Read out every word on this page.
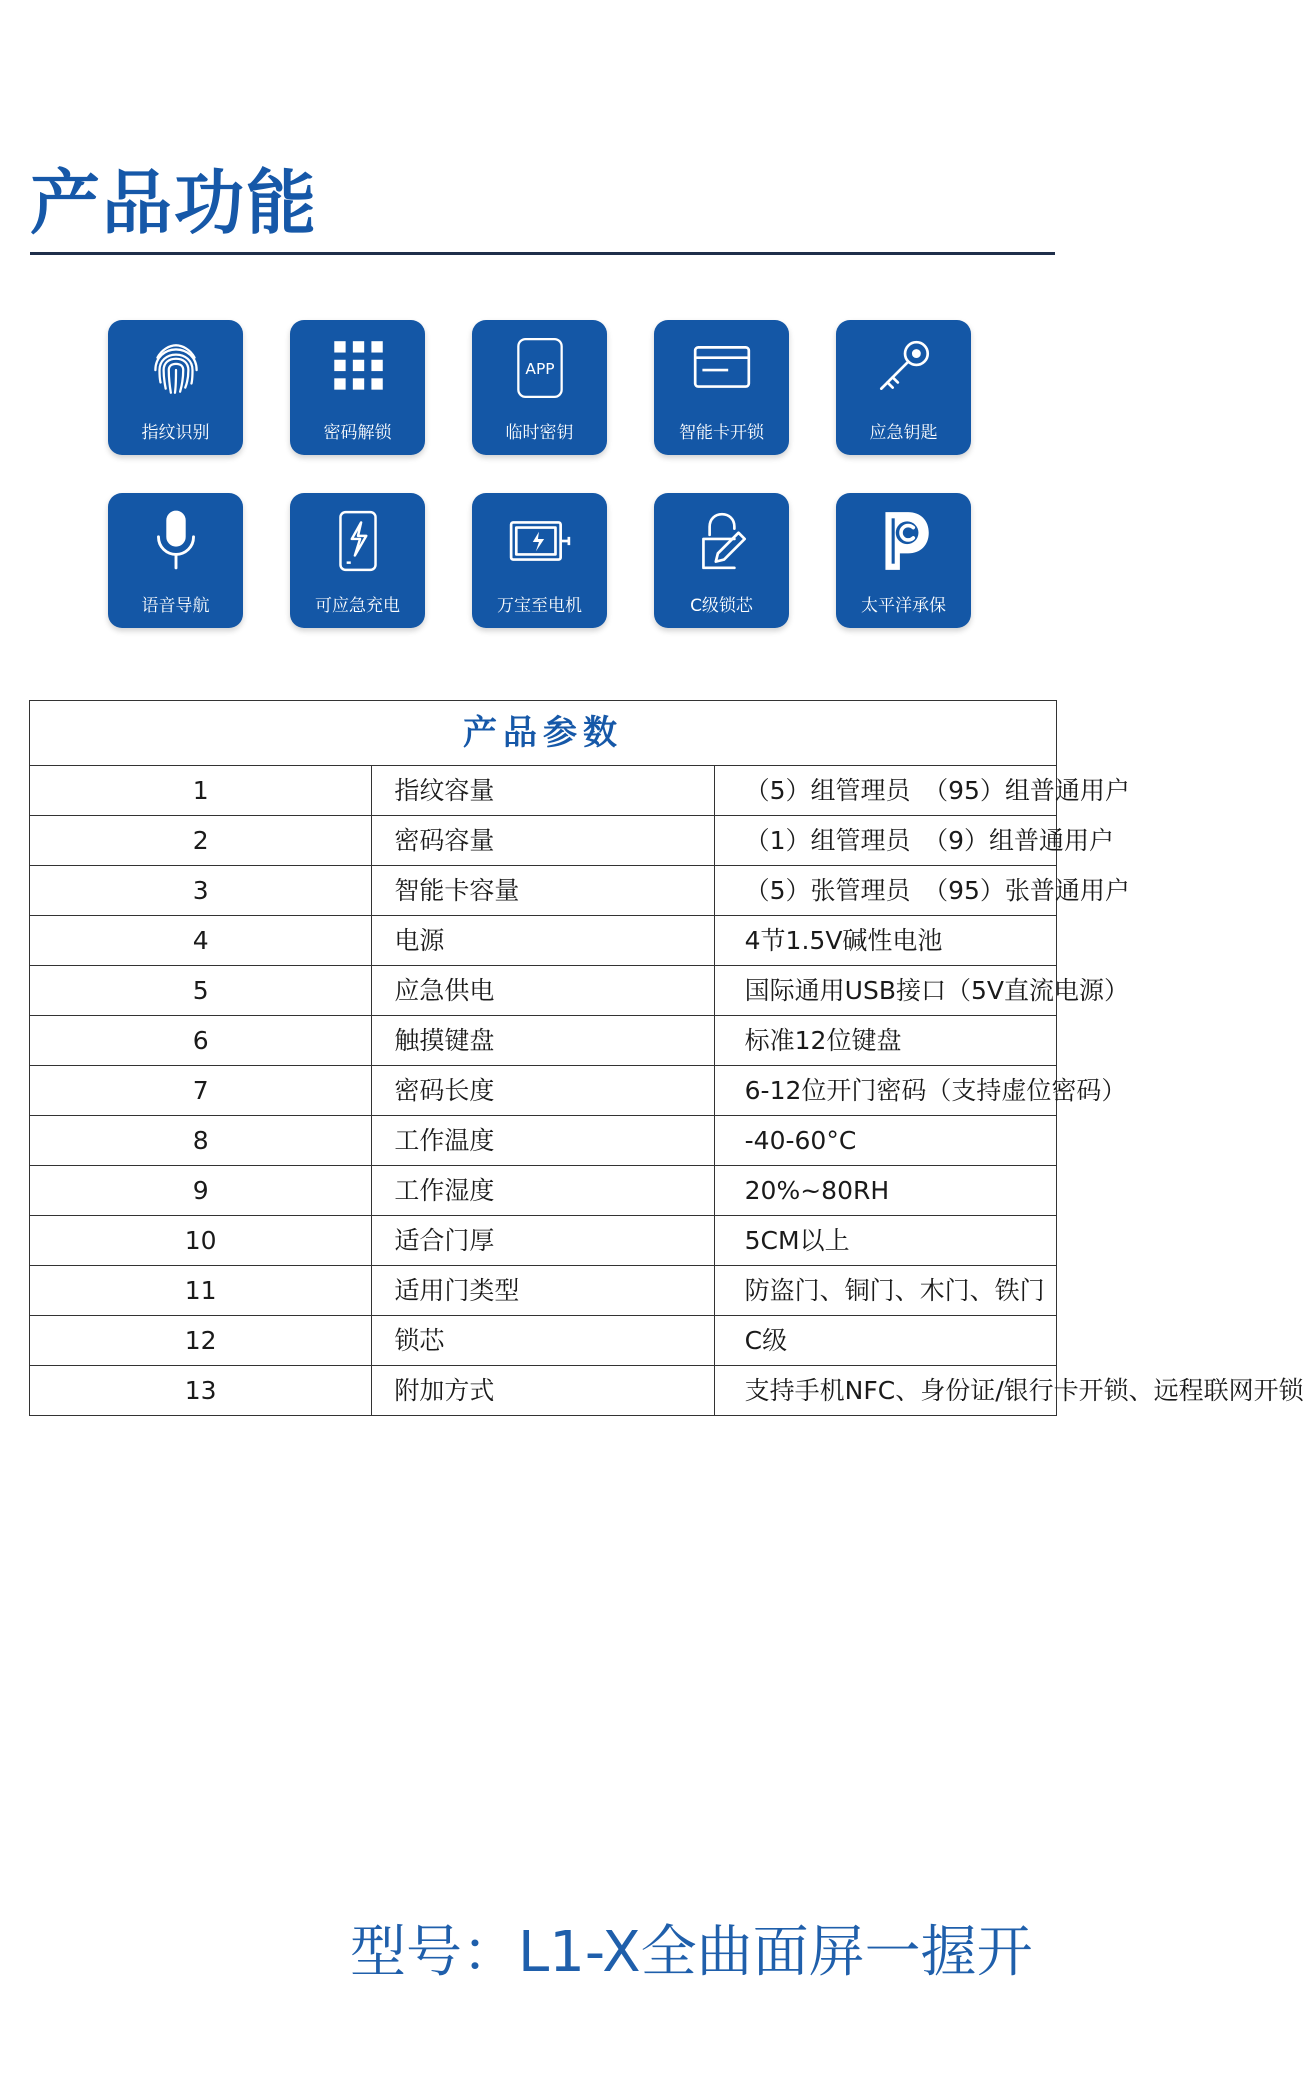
产品功能
指纹识别	密码解锁
APP
临时密钥	智能卡开锁	应急钥匙
语音导航	可应急充电	万宝至电机	C级锁芯	太平洋承保
产品参数		
1	指纹容量	（5）组管理员　（95）组普通用户
2	密码容量	（1）组管理员　（9）组普通用户
3	智能卡容量	（5）张管理员　（95）张普通用户
4	电源	4节1.5V碱性电池
5	应急供电	国际通用USB接口（5V直流电源）
6	触摸键盘	标准12位键盘
7	密码长度	6-12位开门密码（支持虚位密码）
8	工作温度	-40-60°C
9	工作湿度	20%~80RH
10	适合门厚	5CM以上
11	适用门类型	防盗门、铜门、木门、铁门
12	锁芯	C级
13	附加方式	支持手机NFC、身份证/银行卡开锁、远程联网开锁
型号：L1-X全曲面屏一握开
